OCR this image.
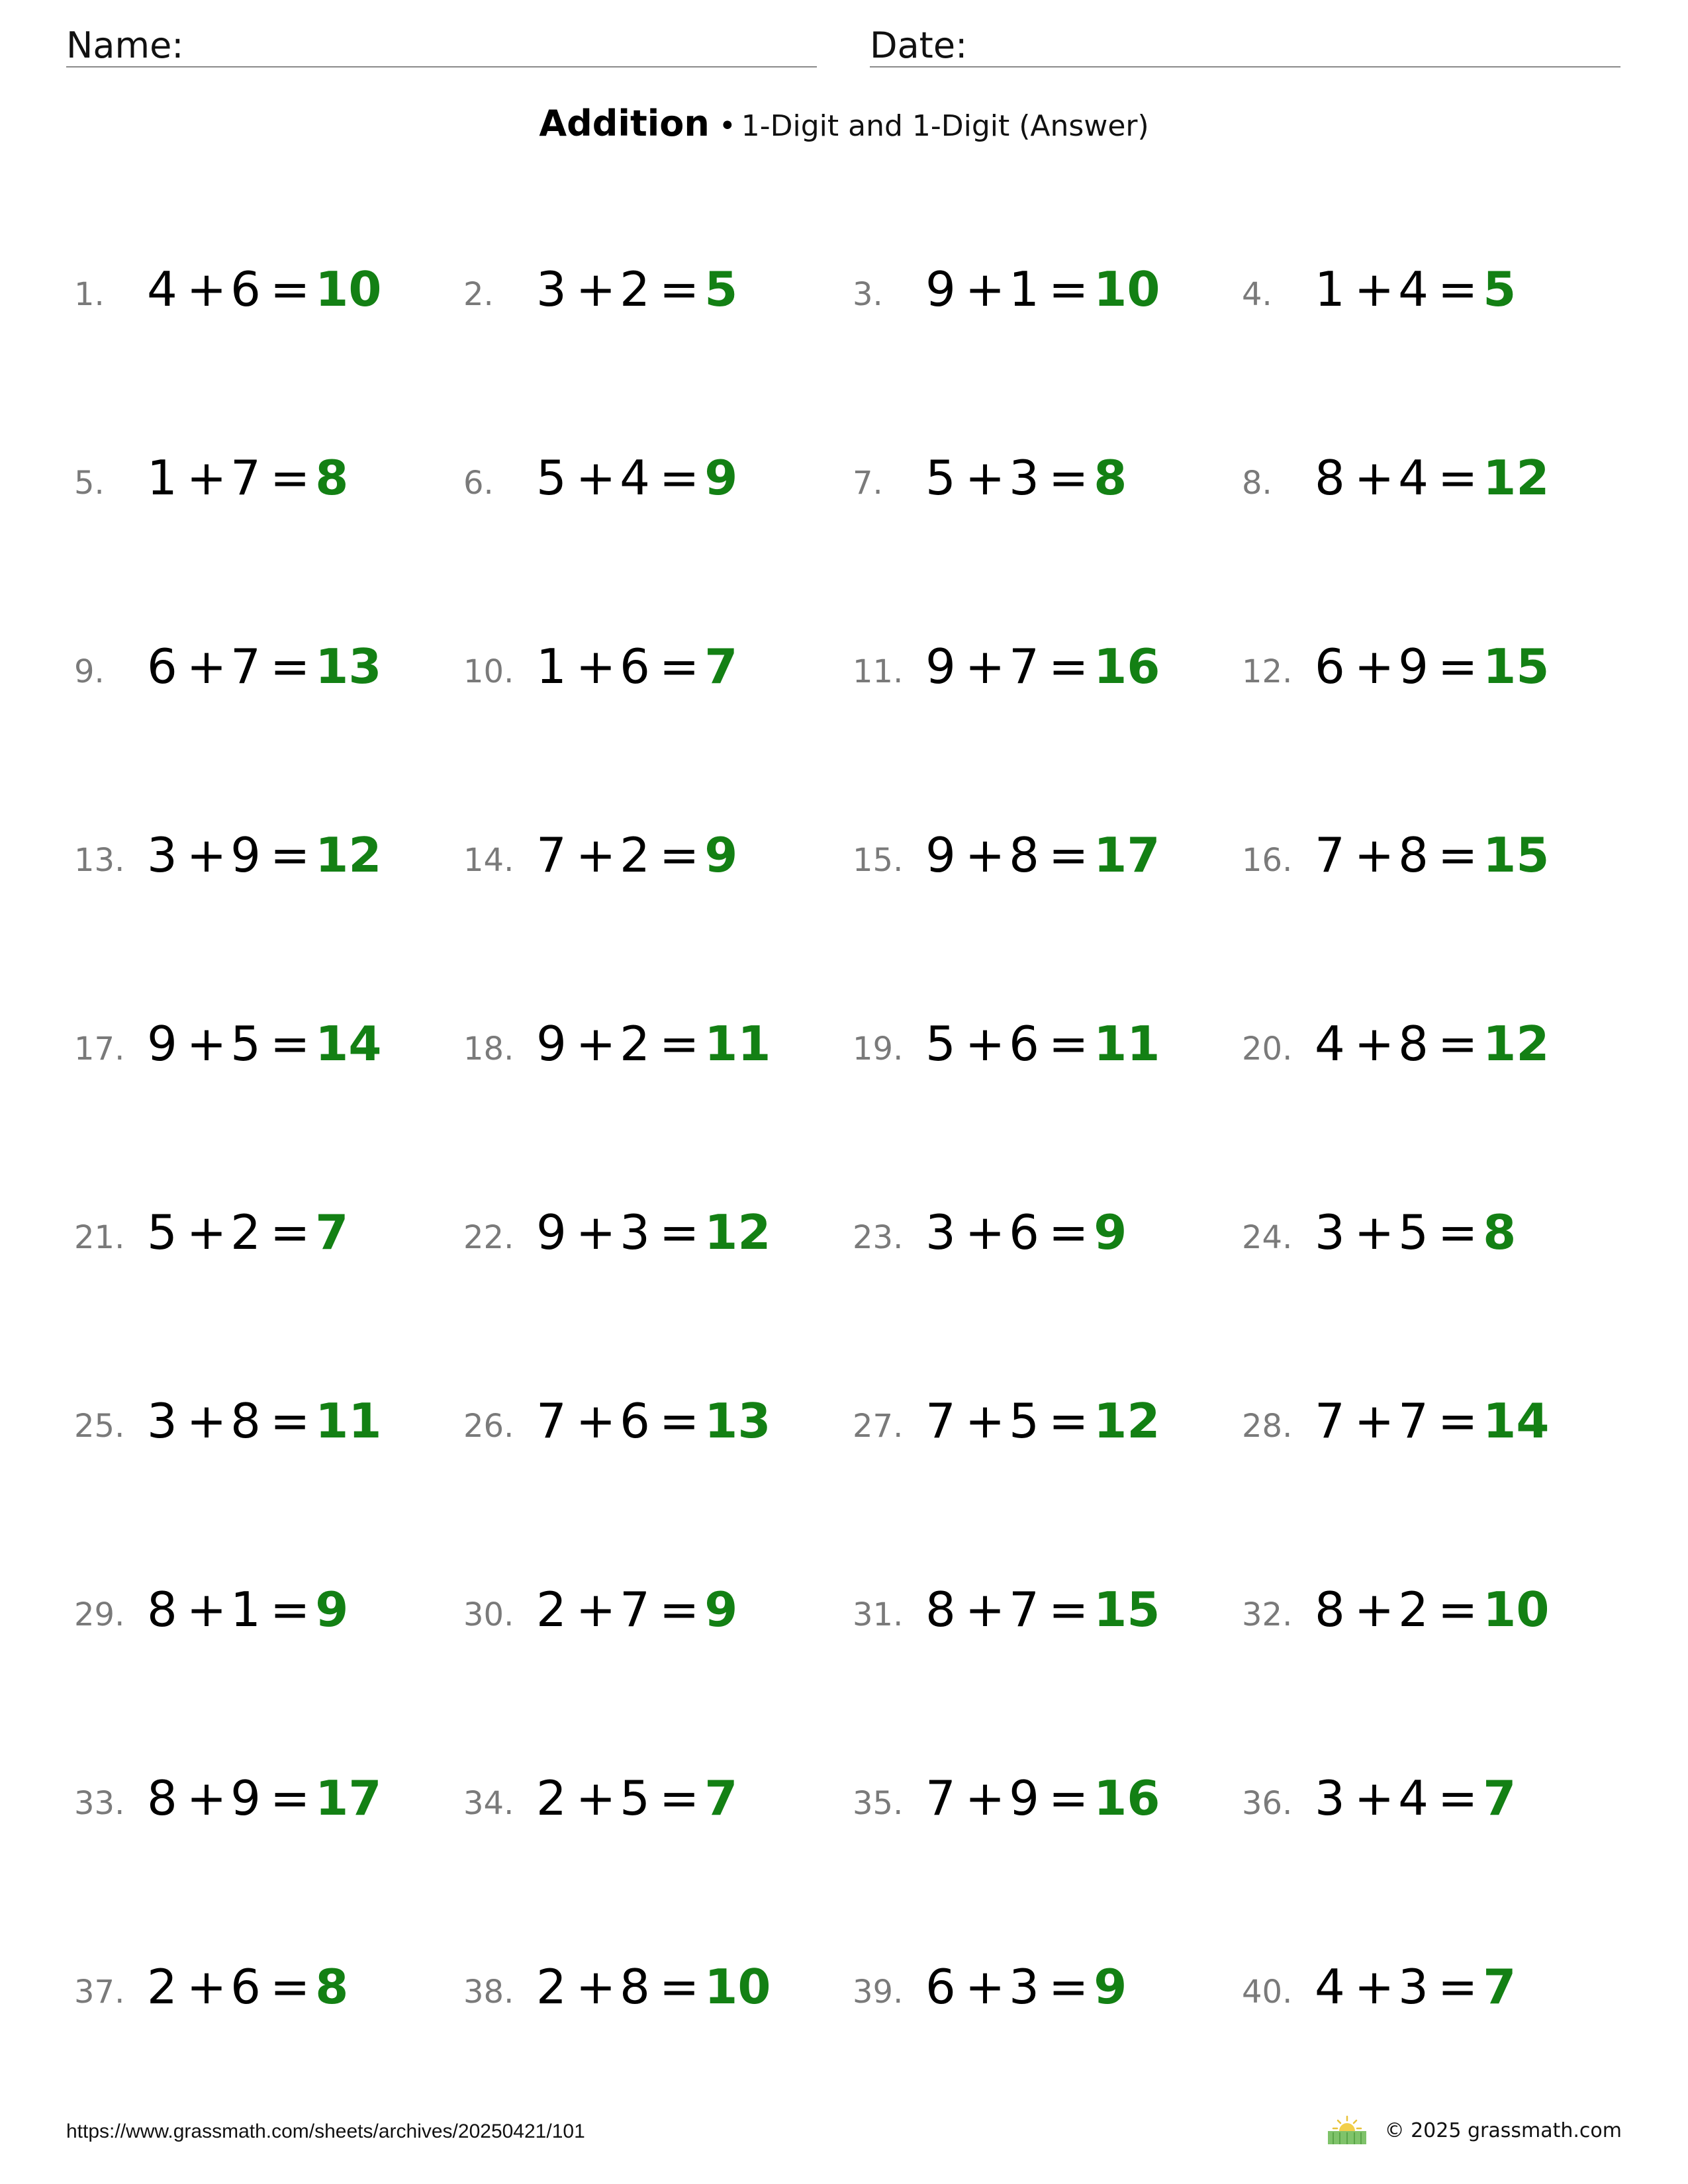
Name:	Date:
Addition • 1-Digit and 1-Digit (Answer)
1. 4 +6 = 10	2. 3 +2 = 5	3. 9 +1 = 10	4. 1 +4 = 5
5. 1 +7 = 8	6. 5 +4 = 9	7. 5 +3 = 8	8. 8 +4 = 12
9. 6 +7 = 13	10. 1 +6 = 7	11. 9 +7 = 16	12. 6 +9 = 15
13. 3 +9 = 12	14. 7 +2 = 9	15. 9 +8 = 17	16. 7 +8 = 15
17. 9 +5 = 14	18. 9 +2 = 11	19. 5 +6 = 11	20. 4 +8 = 12
21. 5 +2 = 7	22. 9 +3 = 12	23. 3 +6 = 9	24. 3 +5 = 8
25. 3 +8 = 11	26. 7 +6 = 13	27. 7 +5 = 12	28. 7 +7 = 14
29. 8 +1 = 9	30. 2 +7 = 9	31. 8 +7 = 15	32. 8 +2 = 10
33. 8 +9 = 17	34. 2 +5 = 7	35. 7 +9 = 16	36. 3 +4 = 7
37. 2 +6 = 8	38. 2 +8 = 10	39. 6 +3 = 9	40. 4 +3 = 7
https://www.grassmath.com/sheets/archives/20250421/101	© 2025 grassmath.com
